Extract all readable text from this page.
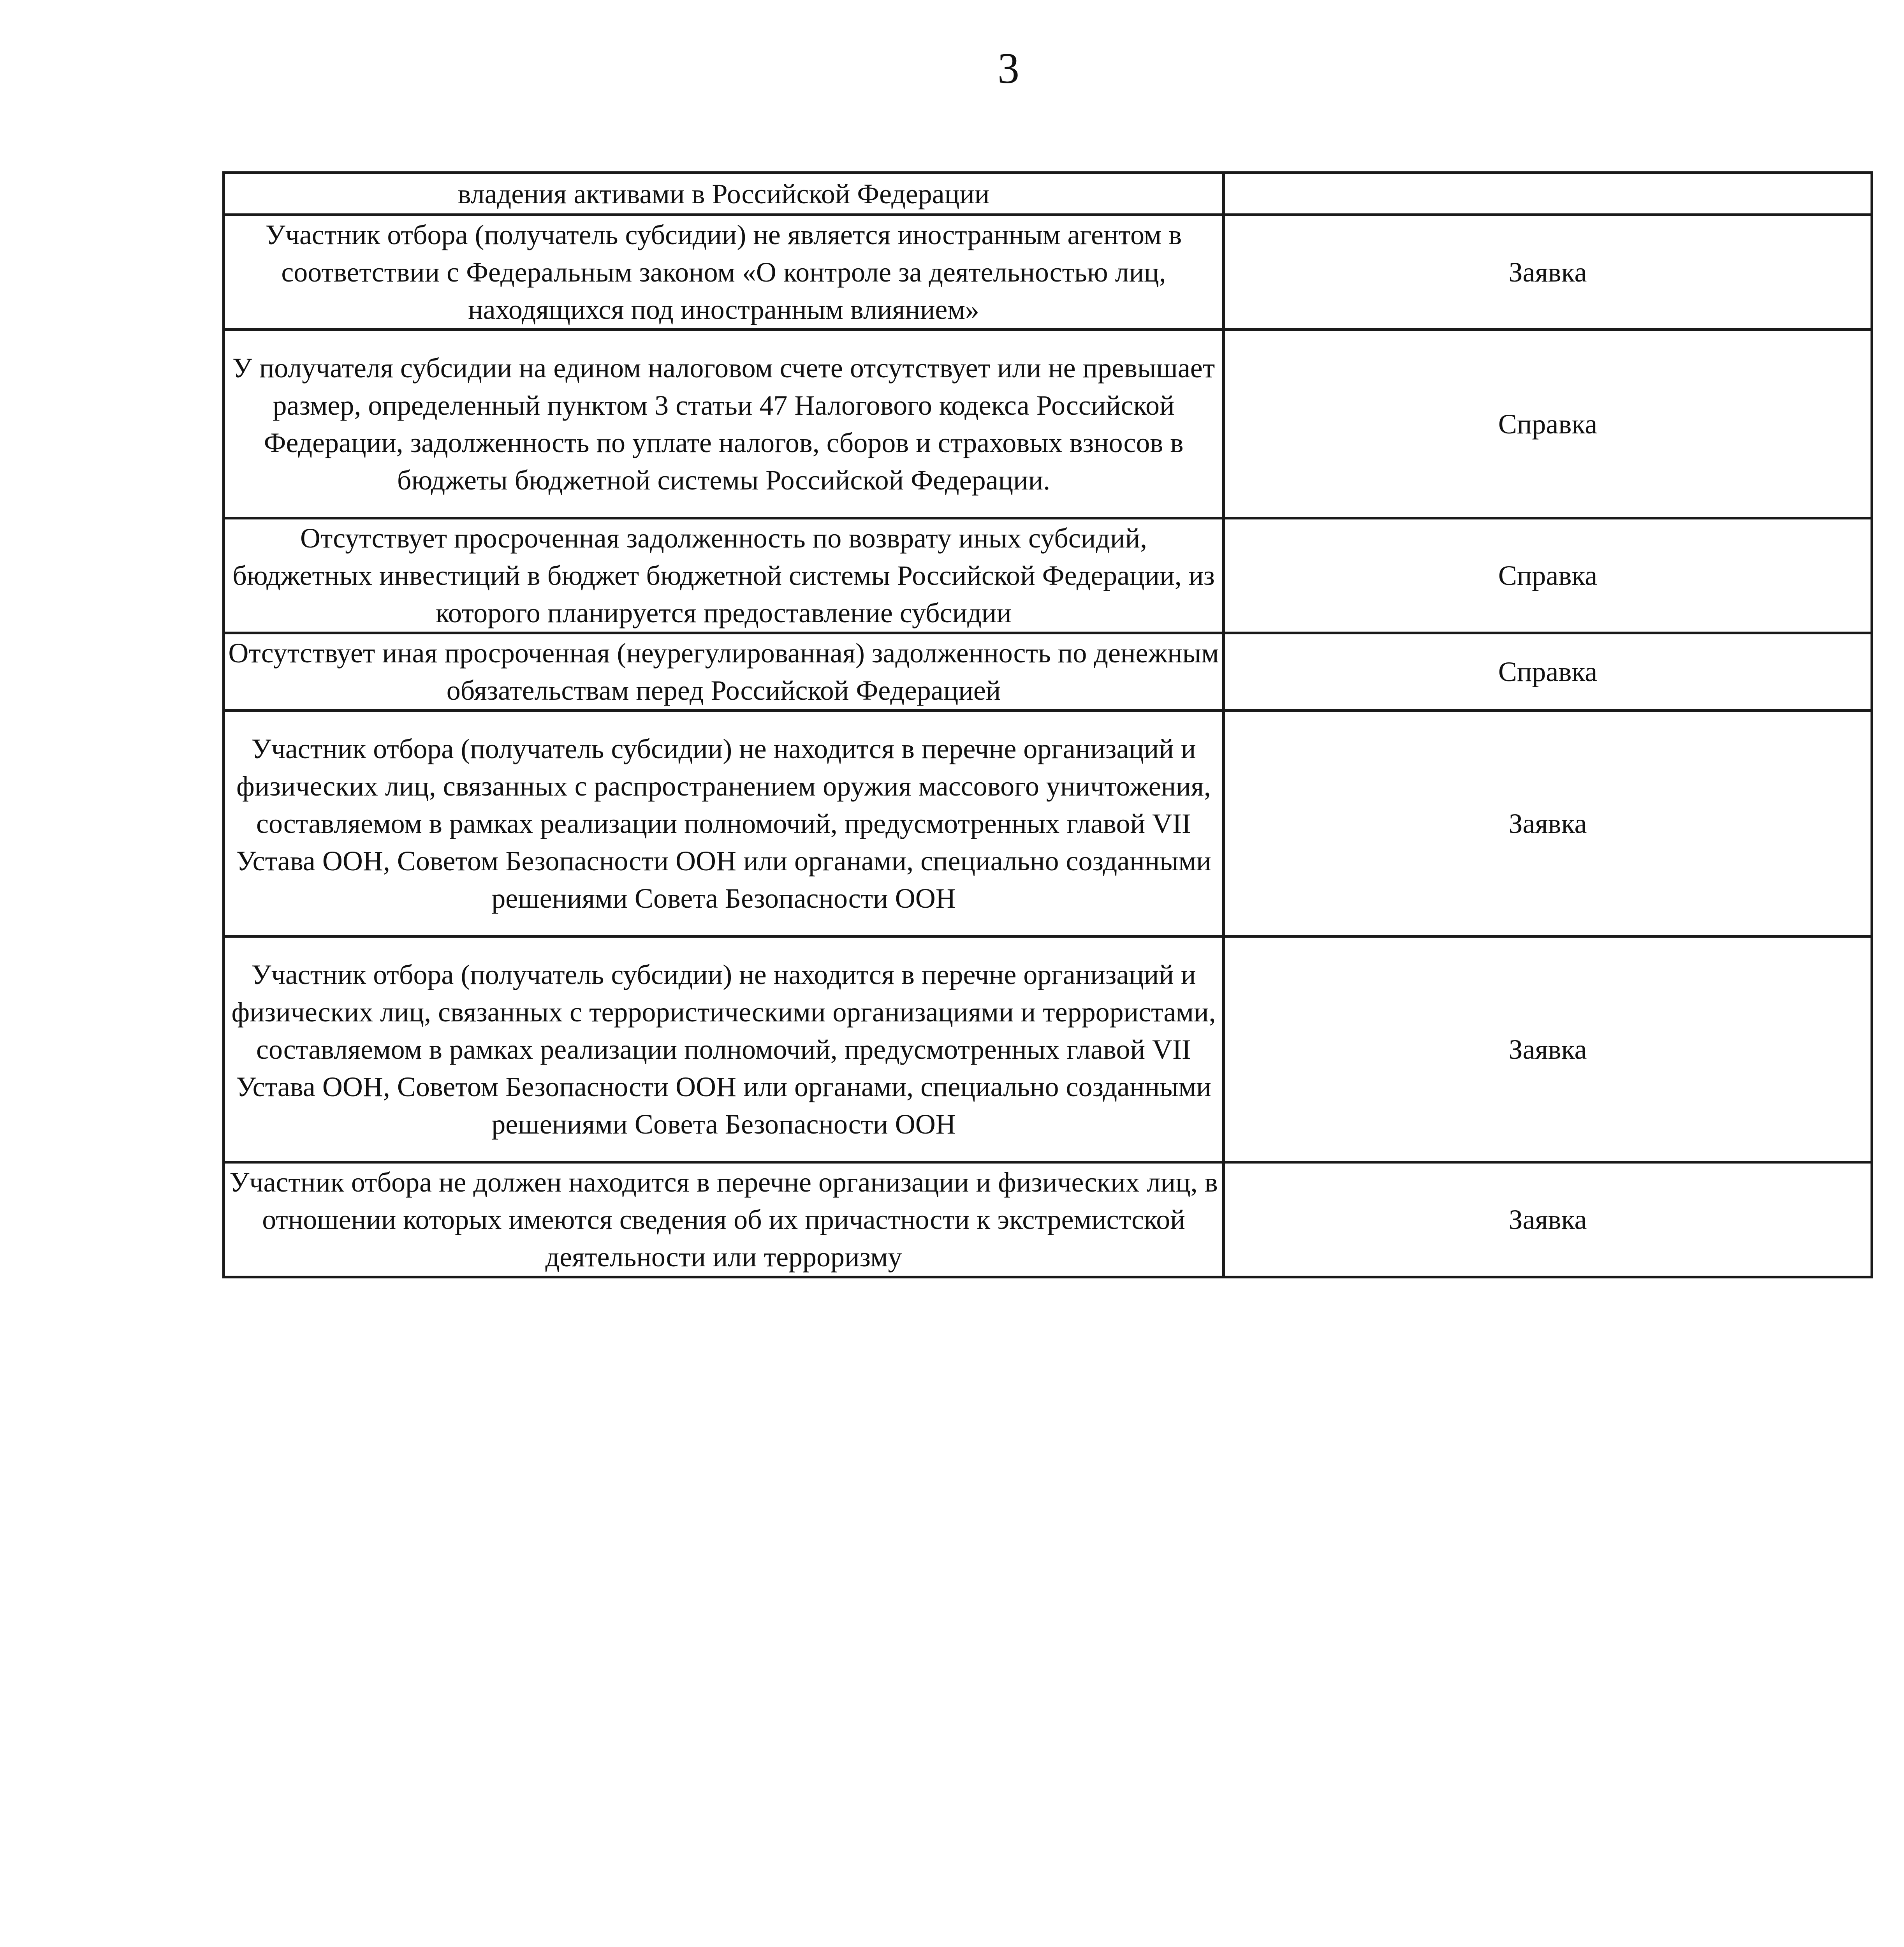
3
владения активами в Российской Федерации	
Участник отбора (получатель субсидии) не является иностранным агентом в соответствии с Федеральным законом «О контроле за деятельностью лиц, находящихся под иностранным влиянием»	Заявка
У получателя субсидии на едином налоговом счете отсутствует или не превышает размер, определенный пунктом 3 статьи 47 Налогового кодекса Российской Федерации, задолженность по уплате налогов, сборов и страховых взносов в бюджеты бюджетной системы Российской Федерации.	Справка
Отсутствует просроченная задолженность по возврату иных субсидий, бюджетных инвестиций в бюджет бюджетной системы Российской Федерации, из которого планируется предоставление субсидии	Справка
Отсутствует иная просроченная (неурегулированная) задолженность по денежным обязательствам перед Российской Федерацией	Справка
Участник отбора (получатель субсидии) не находится в перечне организаций и физических лиц, связанных с распространением оружия массового уничтожения, составляемом в рамках реализации полномочий, предусмотренных главой VII Устава ООН, Советом Безопасности ООН или органами, специально созданными решениями Совета Безопасности ООН	Заявка
Участник отбора (получатель субсидии) не находится в перечне организаций и физических лиц, связанных с террористическими организациями и террористами, составляемом в рамках реализации полномочий, предусмотренных главой VII Устава ООН, Советом Безопасности ООН или органами, специально созданными решениями Совета Безопасности ООН	Заявка
Участник отбора не должен находится в перечне организации и физических лиц, в отношении которых имеются сведения об их причастности к экстремистской деятельности или терроризму	Заявка
